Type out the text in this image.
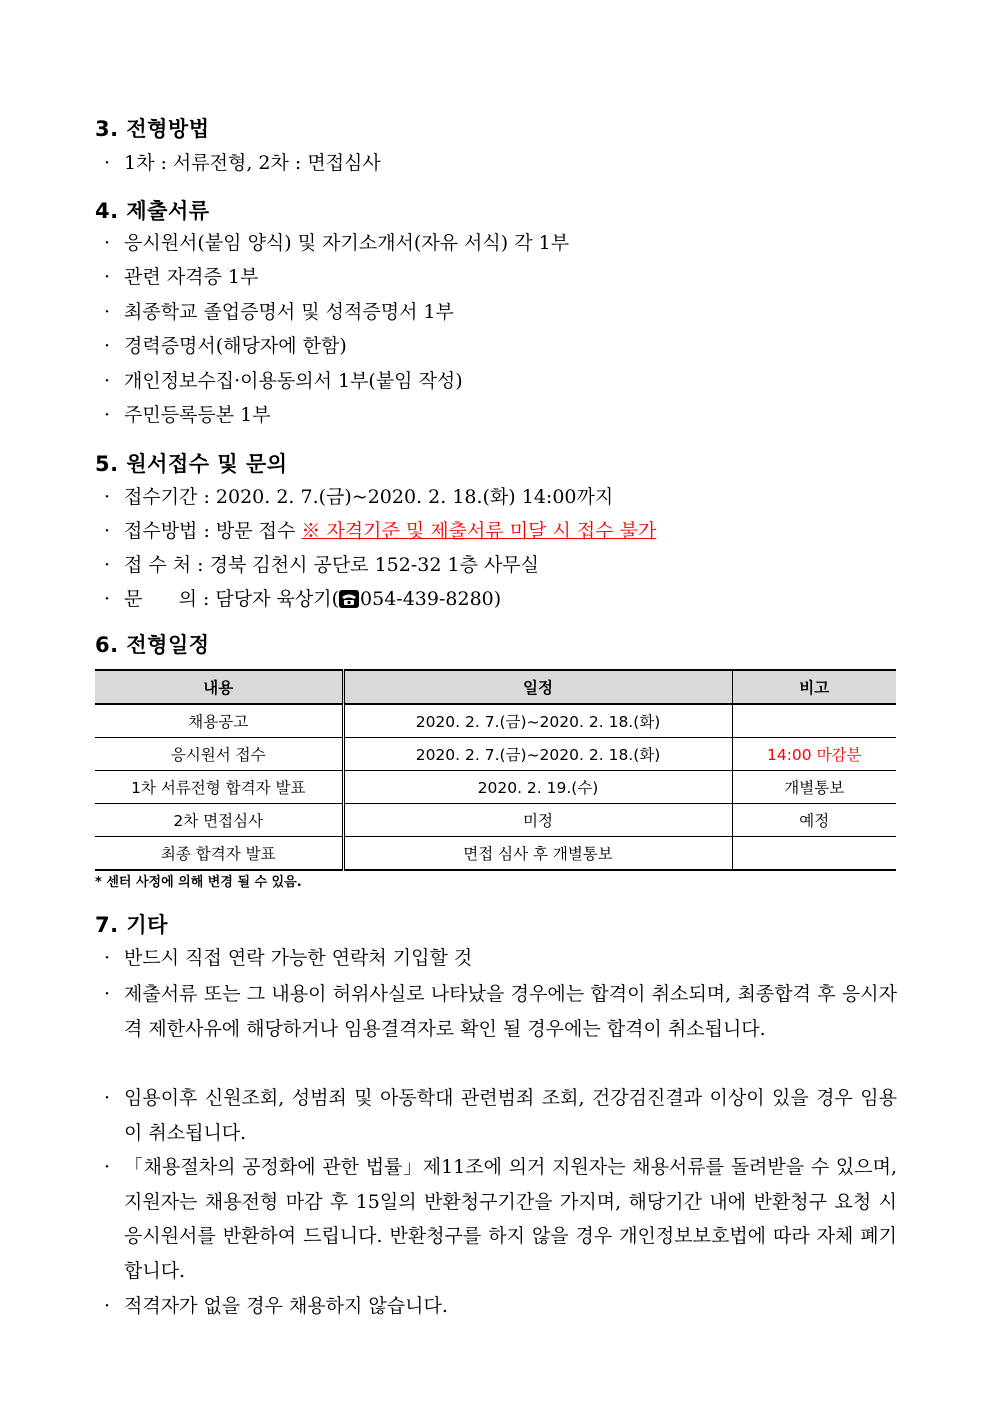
3. 전형방법
· 1차 : 서류전형, 2차 : 면접심사
4. 제출서류
· 응시원서(붙임 양식) 및 자기소개서(자유 서식) 각 1부
· 관련 자격증 1부
· 최종학교 졸업증명서 및 성적증명서 1부
· 경력증명서(해당자에 한함)
· 개인정보수집·이용동의서 1부(붙임 작성)
· 주민등록등본 1부
5. 원서접수 및 문의
· 접수기간 : 2020. 2. 7.(금)~2020. 2. 18.(화) 14:00까지
· 접수방법 : 방문 접수 ※ 자격기준 및 제출서류 미달 시 접수 불가
· 접 수 처 : 경북 김천시 공단로 152-32 1층 사무실
· 문      의 : 담당자 육상기( 054-439-8280)
6. 전형일정
내용	일정	비고
채용공고	2020. 2. 7.(금)~2020. 2. 18.(화)	
응시원서 접수	2020. 2. 7.(금)~2020. 2. 18.(화)	14:00 마감분
1차 서류전형 합격자 발표	2020. 2. 19.(수)	개별통보
2차 면접심사	미정	예정
최종 합격자 발표	면접 심사 후 개별통보	
* 센터 사정에 의해 변경 될 수 있음.
7. 기타
· 반드시 직접 연락 가능한 연락처 기입할 것
· 제출서류 또는 그 내용이 허위사실로 나타났을 경우에는 합격이 취소되며, 최종합격 후 응시자격 제한사유에 해당하거나 임용결격자로 확인 될 경우에는 합격이 취소됩니다.
· 임용이후 신원조회, 성범죄 및 아동학대 관련범죄 조회, 건강검진결과 이상이 있을 경우 임용이 취소됩니다.
· 「채용절차의 공정화에 관한 법률」제11조에 의거 지원자는 채용서류를 돌려받을 수 있으며, 지원자는 채용전형 마감 후 15일의 반환청구기간을 가지며, 해당기간 내에 반환청구 요청 시 응시원서를 반환하여 드립니다. 반환청구를 하지 않을 경우 개인정보보호법에 따라 자체 폐기합니다.
· 적격자가 없을 경우 채용하지 않습니다.
